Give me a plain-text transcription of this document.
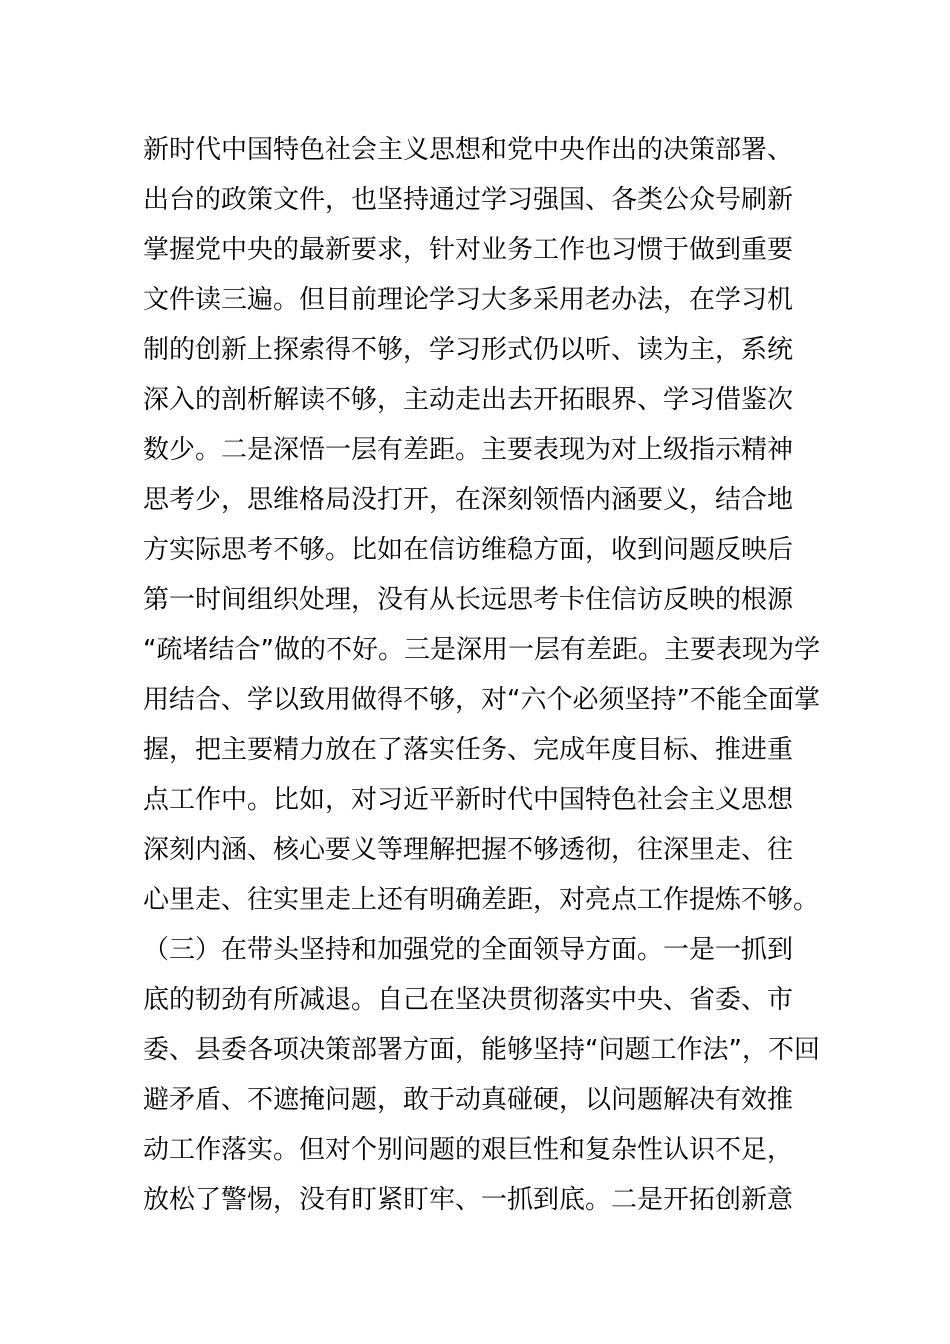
新时代中国特色社会主义思想和党中央作出的决策部署、
出台的政策文件，也坚持通过学习强国、各类公众号刷新
掌握党中央的最新要求，针对业务工作也习惯于做到重要
文件读三遍。但目前理论学习大多采用老办法，在学习机
制的创新上探索得不够，学习形式仍以听、读为主，系统
深入的剖析解读不够，主动走出去开拓眼界、学习借鉴次
数少。二是深悟一层有差距。主要表现为对上级指示精神
思考少，思维格局没打开，在深刻领悟内涵要义，结合地
方实际思考不够。比如在信访维稳方面，收到问题反映后
第一时间组织处理，没有从长远思考卡住信访反映的根源
“疏堵结合”做的不好。三是深用一层有差距。主要表现为学
用结合、学以致用做得不够，对“六个必须坚持”不能全面掌
握，把主要精力放在了落实任务、完成年度目标、推进重
点工作中。比如，对习近平新时代中国特色社会主义思想
深刻内涵、核心要义等理解把握不够透彻，往深里走、往
心里走、往实里走上还有明确差距，对亮点工作提炼不够。
（三）在带头坚持和加强党的全面领导方面。一是一抓到
底的韧劲有所减退。自己在坚决贯彻落实中央、省委、市
委、县委各项决策部署方面，能够坚持“问题工作法”，不回
避矛盾、不遮掩问题，敢于动真碰硬，以问题解决有效推
动工作落实。但对个别问题的艰巨性和复杂性认识不足，
放松了警惕，没有盯紧盯牢、一抓到底。二是开拓创新意
